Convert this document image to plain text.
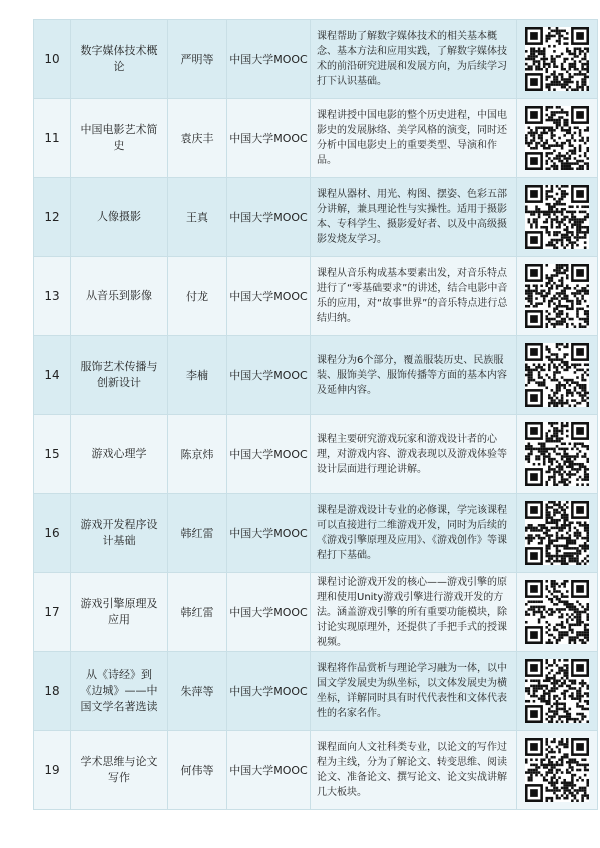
10	数字媒体技术概论	严明等	中国大学MOOC	课程帮助了解数字媒体技术的相关基本概念、基本方法和应用实践，了解数字媒体技术的前沿研究进展和发展方向，为后续学习打下认识基础。	

11	中国电影艺术简史	袁庆丰	中国大学MOOC	课程讲授中国电影的整个历史进程，中国电影史的发展脉络、美学风格的演变，同时还分析中国电影史上的重要类型、导演和作品。	

12	人像摄影	王真	中国大学MOOC	课程从器材、用光、构图、摆姿、色彩五部分讲解，兼具理论性与实操性。适用于摄影本、专科学生、摄影爱好者、以及中高级摄影发烧友学习。	

13	从音乐到影像	付龙	中国大学MOOC	课程从音乐构成基本要素出发，对音乐特点进行了“零基础要求”的讲述，结合电影中音乐的应用，对“故事世界”的音乐特点进行总结归纳。	

14	服饰艺术传播与创新设计	李楠	中国大学MOOC	课程分为6个部分，覆盖服装历史、民族服装、服饰美学、服饰传播等方面的基本内容及延伸内容。	

15	游戏心理学	陈京炜	中国大学MOOC	课程主要研究游戏玩家和游戏设计者的心理，对游戏内容、游戏表现以及游戏体验等设计层面进行理论讲解。	

16	游戏开发程序设计基础	韩红雷	中国大学MOOC	课程是游戏设计专业的必修课，学完该课程可以直接进行二维游戏开发，同时为后续的《游戏引擎原理及应用》、《游戏创作》等课程打下基础。	

17	游戏引擎原理及应用	韩红雷	中国大学MOOC	课程讨论游戏开发的核心——游戏引擎的原理和使用Unity游戏引擎进行游戏开发的方法。涵盖游戏引擎的所有重要功能模块，除讨论实现原理外，还提供了手把手式的授课视频。	

18	从《诗经》到《边城》——中国文学名著选读	朱萍等	中国大学MOOC	课程将作品赏析与理论学习融为一体，以中国文学发展史为纵坐标，以文体发展史为横坐标，详解同时具有时代代表性和文体代表性的名家名作。	

19	学术思维与论文写作	何伟等	中国大学MOOC	课程面向人文社科类专业，以论文的写作过程为主线，分为了解论文、转变思维、阅读论文、准备论文、撰写论文、论文实战讲解几大板块。	
